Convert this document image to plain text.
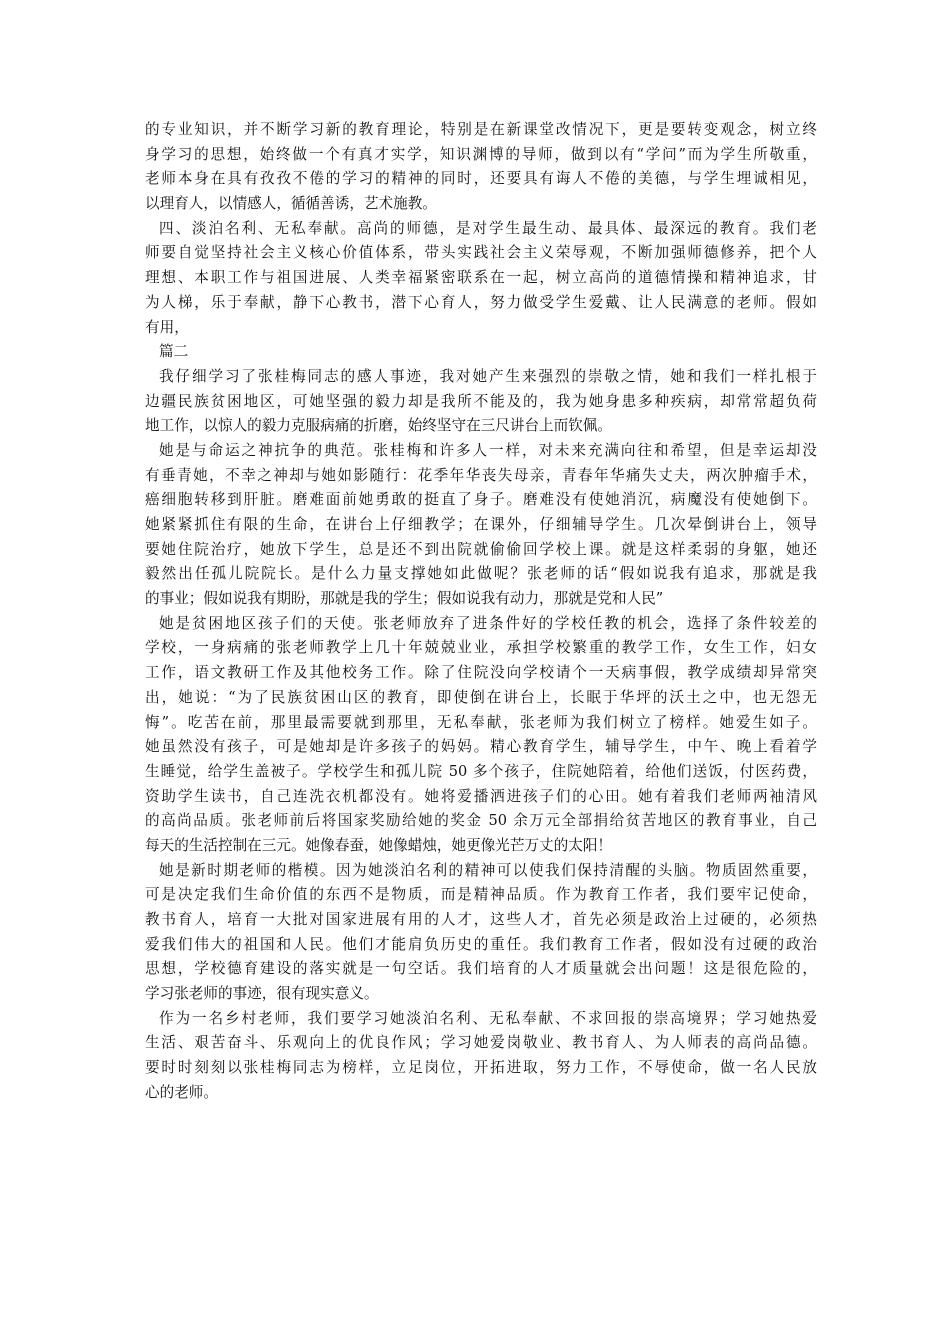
的专业知识，并不断学习新的教育理论，特别是在新课堂改情况下，更是要转变观念，树立终
身学习的思想，始终做一个有真才实学，知识渊博的导师，做到以有“学问”而为学生所敬重，
老师本身在具有孜孜不倦的学习的精神的同时，还要具有诲人不倦的美德，与学生埋诚相见，
以理育人，以情感人，循循善诱，艺术施教。
四、淡泊名利、无私奉献。高尚的师德，是对学生最生动、最具体、最深远的教育。我们老
师要自觉坚持社会主义核心价值体系，带头实践社会主义荣辱观，不断加强师德修养，把个人
理想、本职工作与祖国进展、人类幸福紧密联系在一起，树立高尚的道德情操和精神追求，甘
为人梯，乐于奉献，静下心教书，潜下心育人，努力做受学生爱戴、让人民满意的老师。假如
有用，
篇二
我仔细学习了张桂梅同志的感人事迹，我对她产生来强烈的崇敬之情，她和我们一样扎根于
边疆民族贫困地区，可她坚强的毅力却是我所不能及的，我为她身患多种疾病，却常常超负荷
地工作，以惊人的毅力克服病痛的折磨，始终坚守在三尺讲台上而钦佩。
她是与命运之神抗争的典范。张桂梅和许多人一样，对未来充满向往和希望，但是幸运却没
有垂青她，不幸之神却与她如影随行：花季年华丧失母亲，青春年华痛失丈夫，两次肿瘤手术，
癌细胞转移到肝脏。磨难面前她勇敢的挺直了身子。磨难没有使她消沉，病魔没有使她倒下。
她紧紧抓住有限的生命，在讲台上仔细教学；在课外，仔细辅导学生。几次晕倒讲台上，领导
要她住院治疗，她放下学生，总是还不到出院就偷偷回学校上课。就是这样柔弱的身躯，她还
毅然出任孤儿院院长。是什么力量支撑她如此做呢？张老师的话“假如说我有追求，那就是我
的事业；假如说我有期盼，那就是我的学生；假如说我有动力，那就是党和人民”
她是贫困地区孩子们的天使。张老师放弃了进条件好的学校任教的机会，选择了条件较差的
学校，一身病痛的张老师教学上几十年兢兢业业，承担学校繁重的教学工作，女生工作，妇女
工作，语文教研工作及其他校务工作。除了住院没向学校请个一天病事假，教学成绩却异常突
出，她说：“为了民族贫困山区的教育，即使倒在讲台上，长眠于华坪的沃土之中，也无怨无
悔”。吃苦在前，那里最需要就到那里，无私奉献，张老师为我们树立了榜样。她爱生如子。
她虽然没有孩子，可是她却是许多孩子的妈妈。精心教育学生，辅导学生，中午、晚上看着学
生睡觉，给学生盖被子。学校学生和孤儿院 50 多个孩子，住院她陪着，给他们送饭，付医药费，
资助学生读书，自己连洗衣机都没有。她将爱播洒进孩子们的心田。她有着我们老师两袖清风
的高尚品质。张老师前后将国家奖励给她的奖金 50 余万元全部捐给贫苦地区的教育事业，自己
每天的生活控制在三元。她像春蚕，她像蜡烛，她更像光芒万丈的太阳！
她是新时期老师的楷模。因为她淡泊名利的精神可以使我们保持清醒的头脑。物质固然重要，
可是决定我们生命价值的东西不是物质，而是精神品质。作为教育工作者，我们要牢记使命，
教书育人，培育一大批对国家进展有用的人才，这些人才，首先必须是政治上过硬的，必须热
爱我们伟大的祖国和人民。他们才能肩负历史的重任。我们教育工作者，假如没有过硬的政治
思想，学校德育建设的落实就是一句空话。我们培育的人才质量就会出问题！这是很危险的，
学习张老师的事迹，很有现实意义。
作为一名乡村老师，我们要学习她淡泊名利、无私奉献、不求回报的崇高境界；学习她热爱
生活、艰苦奋斗、乐观向上的优良作风；学习她爱岗敬业、教书育人、为人师表的高尚品德。
要时时刻刻以张桂梅同志为榜样，立足岗位，开拓进取，努力工作，不辱使命，做一名人民放
心的老师。
